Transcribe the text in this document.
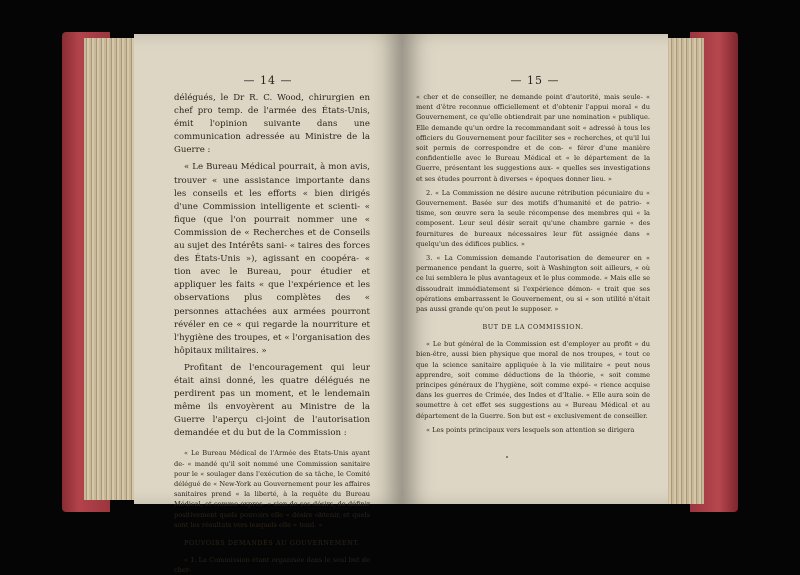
— 14 —

délégués, le Dr R. C. Wood, chirurgien en chef pro temp. de l'armée des États-Unis, émit l'opinion suivante dans une communication adressée au Ministre de la Guerre :

« Le Bureau Médical pourrait, à mon avis, trouver « une assistance importante dans les conseils et les efforts « bien dirigés d'une Commission intelligente et scienti- « fique (que l'on pourrait nommer une « Commission de « Recherches et de Conseils au sujet des Intérêts sani- « taires des forces des États-Unis »), agissant en coopéra- « tion avec le Bureau, pour étudier et appliquer les faits « que l'expérience et les observations plus complètes des « personnes attachées aux armées pourront révéler en ce « qui regarde la nourriture et l'hygiène des troupes, et « l'organisation des hôpitaux militaires. »

Profitant de l'encouragement qui leur était ainsi donné, les quatre délégués ne perdirent pas un moment, et le lendemain même ils envoyèrent au Ministre de la Guerre l'aperçu ci-joint de l'autorisation demandée et du but de la Commission :

« Le Bureau Médical de l'Armée des États-Unis ayant de- « mandé qu'il soit nommé une Commission sanitaire pour le « soulager dans l'exécution de sa tâche, le Comité délégué de « New-York au Gouvernement pour les affaires sanitaires prend « la liberté, à la requête du Bureau Médical, et comme expres- « sion de ses désirs, de définir positivement quels pouvoirs elle « désire obtenir, et quels sont les résultats vers lesquels elle « tend. »

POUVOIRS DEMANDÉS AU GOUVERNEMENT.

« 1. La Commission étant organisée dans le seul but de cher-

— 15 —

« cher et de conseiller, ne demande point d'autorité, mais seule- « ment d'être reconnue officiellement et d'obtenir l'appui moral « du Gouvernement, ce qu'elle obtiendrait par une nomination « publique. Elle demande qu'un ordre la recommandant soit « adressé à tous les officiers du Gouvernement pour faciliter ses « recherches, et qu'il lui soit permis de correspondre et de con- « férer d'une manière confidentielle avec le Bureau Médical et « le département de la Guerre, présentant les suggestions aux- « quelles ses investigations et ses études pourront à diverses « époques donner lieu. »

2. « La Commission ne désire aucune rétribution pécuniaire du « Gouvernement. Basée sur des motifs d'humanité et de patrio- « tisme, son œuvre sera la seule récompense des membres qui « la composent. Leur seul désir serait qu'une chambre garnie « des fournitures de bureaux nécessaires leur fût assignée dans « quelqu'un des édifices publics. »

3. « La Commission demande l'autorisation de demeurer en « permanence pendant la guerre, soit à Washington soit ailleurs, « où ce lui semblera le plus avantageux et le plus commode. « Mais elle se dissoudrait immédiatement si l'expérience démon- « trait que ses opérations embarrassent le Gouvernement, ou si « son utilité n'était pas aussi grande qu'on peut le supposer. »

BUT DE LA COMMISSION.

« Le but général de la Commission est d'employer au profit « du bien-être, aussi bien physique que moral de nos troupes, « tout ce que la science sanitaire appliquée à la vie militaire « peut nous apprendre, soit comme déductions de la théorie, « soit comme principes généraux de l'hygiène, soit comme expé- « rience acquise dans les guerres de Crimée, des Indes et d'Italie. « Elle aura soin de soumettre à cet effet ses suggestions au « Bureau Médical et au département de la Guerre. Son but est « exclusivement de conseiller.

« Les points principaux vers lesquels son attention se dirigera
